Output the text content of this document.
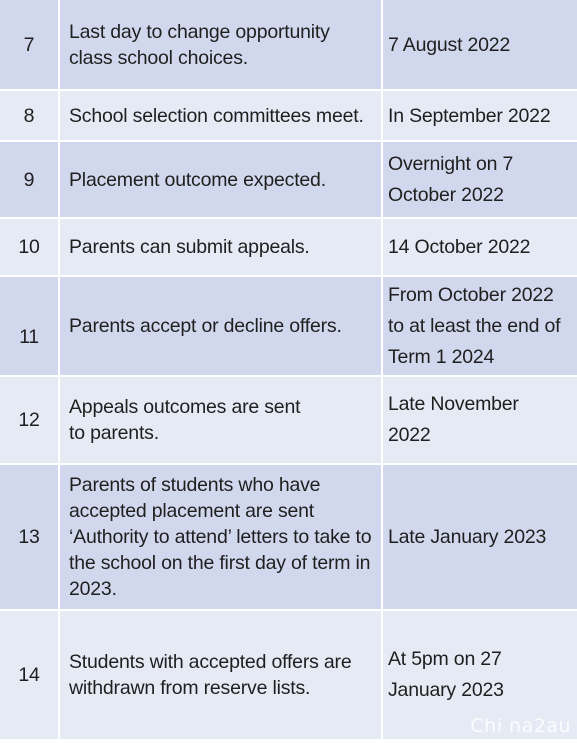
7	Last day to change opportunity class school choices.	7 August 2022

8	School selection committees meet.	In September 2022

9	Placement outcome expected.	Overnight on 7 October 2022

10	Parents can submit appeals.	14 October 2022

11	Parents accept or decline offers.	From October 2022 to at least the end of Term 1 2024

12	Appeals outcomes are sent to parents.	Late November 2022

13	Parents of students who have accepted placement are sent ‘Authority to attend’ letters to take to the school on the first day of term in 2023.	Late January 2023

14	Students with accepted offers are withdrawn from reserve lists.	At 5pm on 27 January 2023
Chi na2au
